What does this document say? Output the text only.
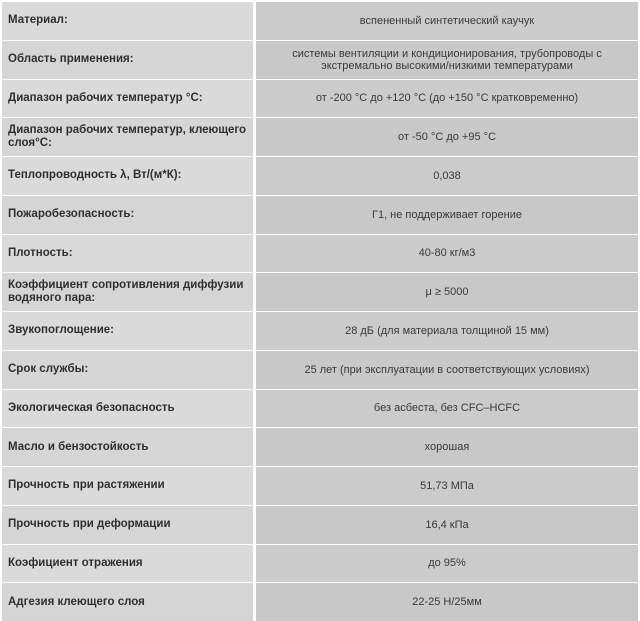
Материал:	вспененный синтетический каучук
Область применения:	системы вентиляции и кондиционирования, трубопроводы с экстремально высокими/низкими температурами
Диапазон рабочих температур °С:	от -200 °С до +120 °С (до +150 °С кратковременно)
Диапазон рабочих температур, клеющего слоя°С:	от -50 °С до +95 °С
Теплопроводность λ, Вт/(м*К):	0,038
Пожаробезопасность:	Г1, не поддерживает горение
Плотность:	40-80 кг/м3
Коэффициент сопротивления диффузии водяного пара:	μ ≥ 5000
Звукопоглощение:	28 дБ (для материала толщиной 15 мм)
Срок службы:	25 лет (при эксплуатации в соответствующих условиях)
Экологическая безопасность	без асбеста, без CFC–HCFC
Масло и бензостойкость	хорошая
Прочность при растяжении	51,73 МПа
Прочность при деформации	16,4 кПа
Коэфициент отражения	до 95%
Адгезия клеющего слоя	22-25 Н/25мм
